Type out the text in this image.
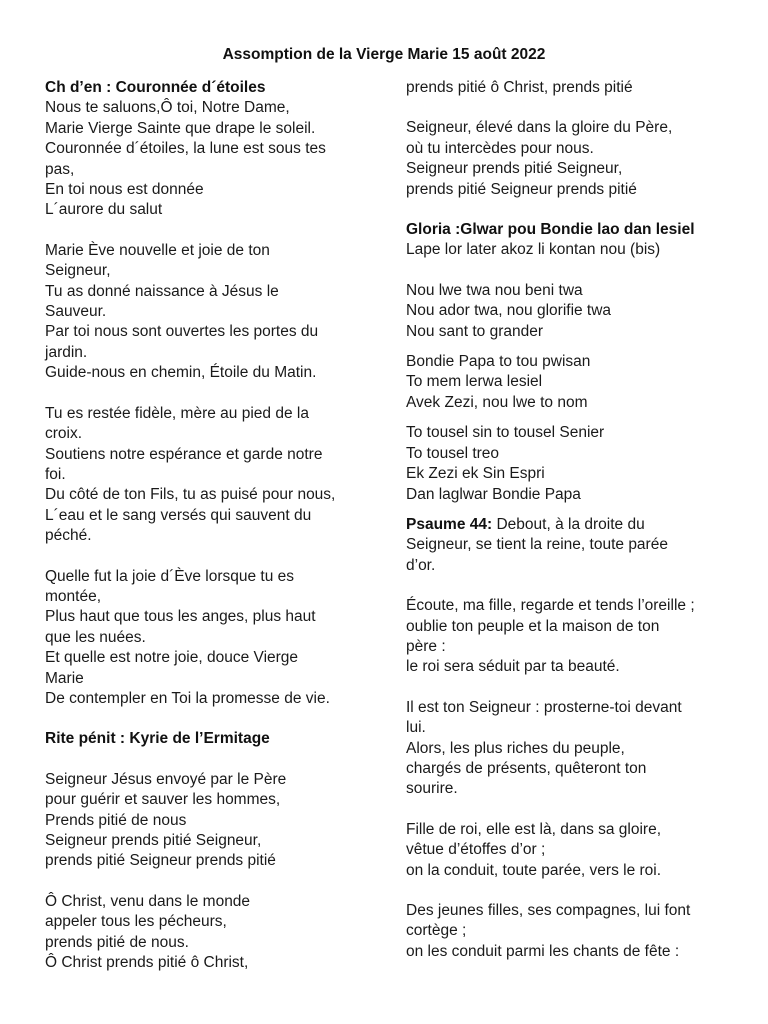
Assomption de la Vierge Marie 15 août 2022
Ch d’en : Couronnée d´étoiles
Nous te saluons,Ô toi, Notre Dame,
Marie Vierge Sainte que drape le soleil.
Couronnée d´étoiles, la lune est sous tes
pas,
En toi nous est donnée
L´aurore du salut
Marie Ève nouvelle et joie de ton
Seigneur,
Tu as donné naissance à Jésus le
Sauveur.
Par toi nous sont ouvertes les portes du
jardin.
Guide-nous en chemin, Étoile du Matin.
Tu es restée fidèle, mère au pied de la
croix.
Soutiens notre espérance et garde notre
foi.
Du côté de ton Fils, tu as puisé pour nous,
L´eau et le sang versés qui sauvent du
péché.
Quelle fut la joie d´Ève lorsque tu es
montée,
Plus haut que tous les anges, plus haut
que les nuées.
Et quelle est notre joie, douce Vierge
Marie
De contempler en Toi la promesse de vie.
Rite pénit : Kyrie de l’Ermitage
Seigneur Jésus envoyé par le Père
pour guérir et sauver les hommes,
Prends pitié de nous
Seigneur prends pitié Seigneur,
prends pitié Seigneur prends pitié
Ô Christ, venu dans le monde
appeler tous les pécheurs,
prends pitié de nous.
Ô Christ prends pitié ô Christ,
prends pitié ô Christ, prends pitié
Seigneur, élevé dans la gloire du Père,
où tu intercèdes pour nous.
Seigneur prends pitié Seigneur,
prends pitié Seigneur prends pitié
Gloria :Glwar pou Bondie lao dan lesiel
Lape lor later akoz li kontan nou (bis)
Nou lwe twa nou beni twa
Nou ador twa, nou glorifie twa
Nou sant to grander
Bondie Papa to tou pwisan
To mem lerwa lesiel
Avek Zezi, nou lwe to nom
To tousel sin to tousel Senier
To tousel treo
Ek Zezi ek Sin Espri
Dan laglwar Bondie Papa
Psaume 44: Debout, à la droite du
Seigneur, se tient la reine, toute parée
d’or.
Écoute, ma fille, regarde et tends l’oreille ;
oublie ton peuple et la maison de ton
père :
le roi sera séduit par ta beauté.
Il est ton Seigneur : prosterne-toi devant
lui.
Alors, les plus riches du peuple,
chargés de présents, quêteront ton
sourire.
Fille de roi, elle est là, dans sa gloire,
vêtue d’étoffes d’or ;
on la conduit, toute parée, vers le roi.
Des jeunes filles, ses compagnes, lui font
cortège ;
on les conduit parmi les chants de fête :
